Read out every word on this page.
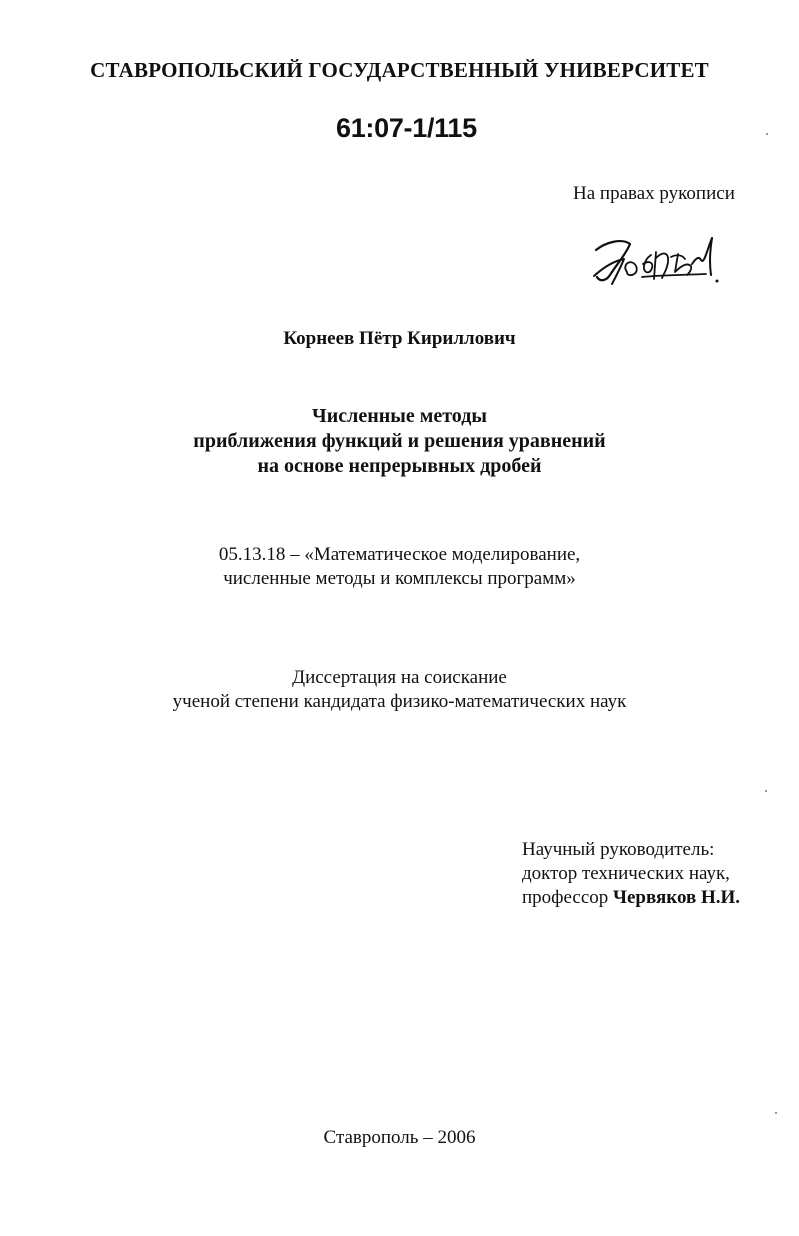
СТАВРОПОЛЬСКИЙ ГОСУДАРСТВЕННЫЙ УНИВЕРСИТЕТ
61:07-1/115
На правах рукописи
Корнеев Пётр Кириллович
Численные методы
приближения функций и решения уравнений
на основе непрерывных дробей
05.13.18 – «Математическое моделирование,
численные методы и комплексы программ»
Диссертация на соискание
ученой степени кандидата физико-математических наук
Научный руководитель:
доктор технических наук,
профессор Червяков Н.И.
Ставрополь – 2006
